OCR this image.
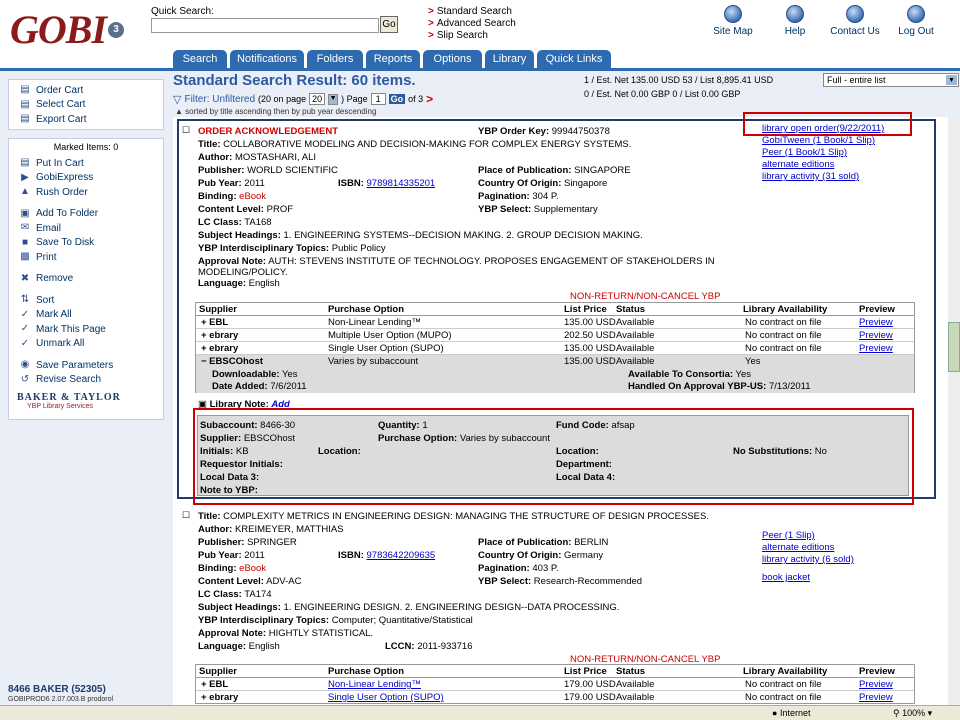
GOBI 3
Quick Search:
Go
> Standard Search
> Advanced Search
> Slip Search	Site Map	Help	Contact Us	Log Out
Search	Notifications	Folders	Reports	Options	Library	Quick Links
▤ Order Cart
▤ Select Cart
▤ Export Cart
Marked Items: 0
▤ Put In Cart
▶ GobiExpress
▲ Rush Order
▣ Add To Folder
✉ Email
■ Save To Disk
▩ Print
✖ Remove
⇅ Sort
✓ Mark All
✓ Mark This Page
✓ Unmark All
◉ Save Parameters
↺ Revise Search
BAKER & TAYLOR
YBP Library Services
8466 BAKER (52305)
GOBIPROD6 2.07.003.B prodorol
Standard Search Result: 60 items.
▽ Filter: Unfiltered (20 on page 20	▼ ) Page 1	Go of 3 >
▲ sorted by title ascending then by pub year descending
1 / Est. Net 135.00 USD 53 / List 8,895.41 USD
0 / Est. Net 0.00 GBP 0 / List 0.00 GBP
Full - entire list	▼
☐ ORDER ACKNOWLEDGEMENT	YBP Order Key: 99944750378
Title: COLLABORATIVE MODELING AND DECISION-MAKING FOR COMPLEX ENERGY SYSTEMS.
Author: MOSTASHARI, ALI
Publisher: WORLD SCIENTIFIC	Place of Publication: SINGAPORE
Pub Year: 2011	ISBN: 9789814335201	Country Of Origin: Singapore
Binding: eBook	Pagination: 304 P.
Content Level: PROF	YBP Select: Supplementary
LC Class: TA168
Subject Headings: 1. ENGINEERING SYSTEMS--DECISION MAKING. 2. GROUP DECISION MAKING.
YBP Interdisciplinary Topics: Public Policy
Approval Note: AUTH: STEVENS INSTITUTE OF TECHNOLOGY. PROPOSES ENGAGEMENT OF STAKEHOLDERS IN
MODELING/POLICY.
Language: English
NON-RETURN/NON-CANCEL YBP
library open order(9/22/2011)
GobiTween (1 Book/1 Slip)
Peer (1 Book/1 Slip)
alternate editions
library activity (31 sold)
Supplier	Purchase Option	List Price Status	Library Availability	Preview
+ EBL	Non-Linear Lending™	135.00 USD Available	No contract on file	Preview
+ ebrary	Multiple User Option (MUPO)	202.50 USD Available	No contract on file	Preview
+ ebrary	Single User Option (SUPO)	135.00 USD Available	No contract on file	Preview
− EBSCOhost	Varies by subaccount	135.00 USD Available	Yes
Downloadable: Yes	Available To Consortia: Yes
Date Added: 7/6/2011	Handled On Approval YBP-US: 7/13/2011
▣ Library Note: Add
Subaccount: 8466-30	Quantity: 1	Fund Code: afsap
Supplier: EBSCOhost	Purchase Option: Varies by subaccount
Initials: KB	Location:	Location:	No Substitutions: No
Requestor Initials:	Department:
Local Data 3:	Local Data 4:
Note to YBP:
☐ Title: COMPLEXITY METRICS IN ENGINEERING DESIGN: MANAGING THE STRUCTURE OF DESIGN PROCESSES.
Author: KREIMEYER, MATTHIAS
Publisher: SPRINGER	Place of Publication: BERLIN
Pub Year: 2011	ISBN: 9783642209635	Country Of Origin: Germany
Binding: eBook	Pagination: 403 P.
Content Level: ADV-AC	YBP Select: Research-Recommended
LC Class: TA174
Subject Headings: 1. ENGINEERING DESIGN. 2. ENGINEERING DESIGN--DATA PROCESSING.
YBP Interdisciplinary Topics: Computer; Quantitative/Statistical
Approval Note: HIGHTLY STATISTICAL.
Language: English	LCCN: 2011-933716
NON-RETURN/NON-CANCEL YBP
Peer (1 Slip)
alternate editions
library activity (6 sold)

book jacket
Supplier	Purchase Option	List Price Status	Library Availability	Preview
+ EBL	Non-Linear Lending™	179.00 USD Available	No contract on file	Preview
+ ebrary	Single User Option (SUPO)	179.00 USD Available	No contract on file	Preview
● Internet	⚲ 100% ▾
